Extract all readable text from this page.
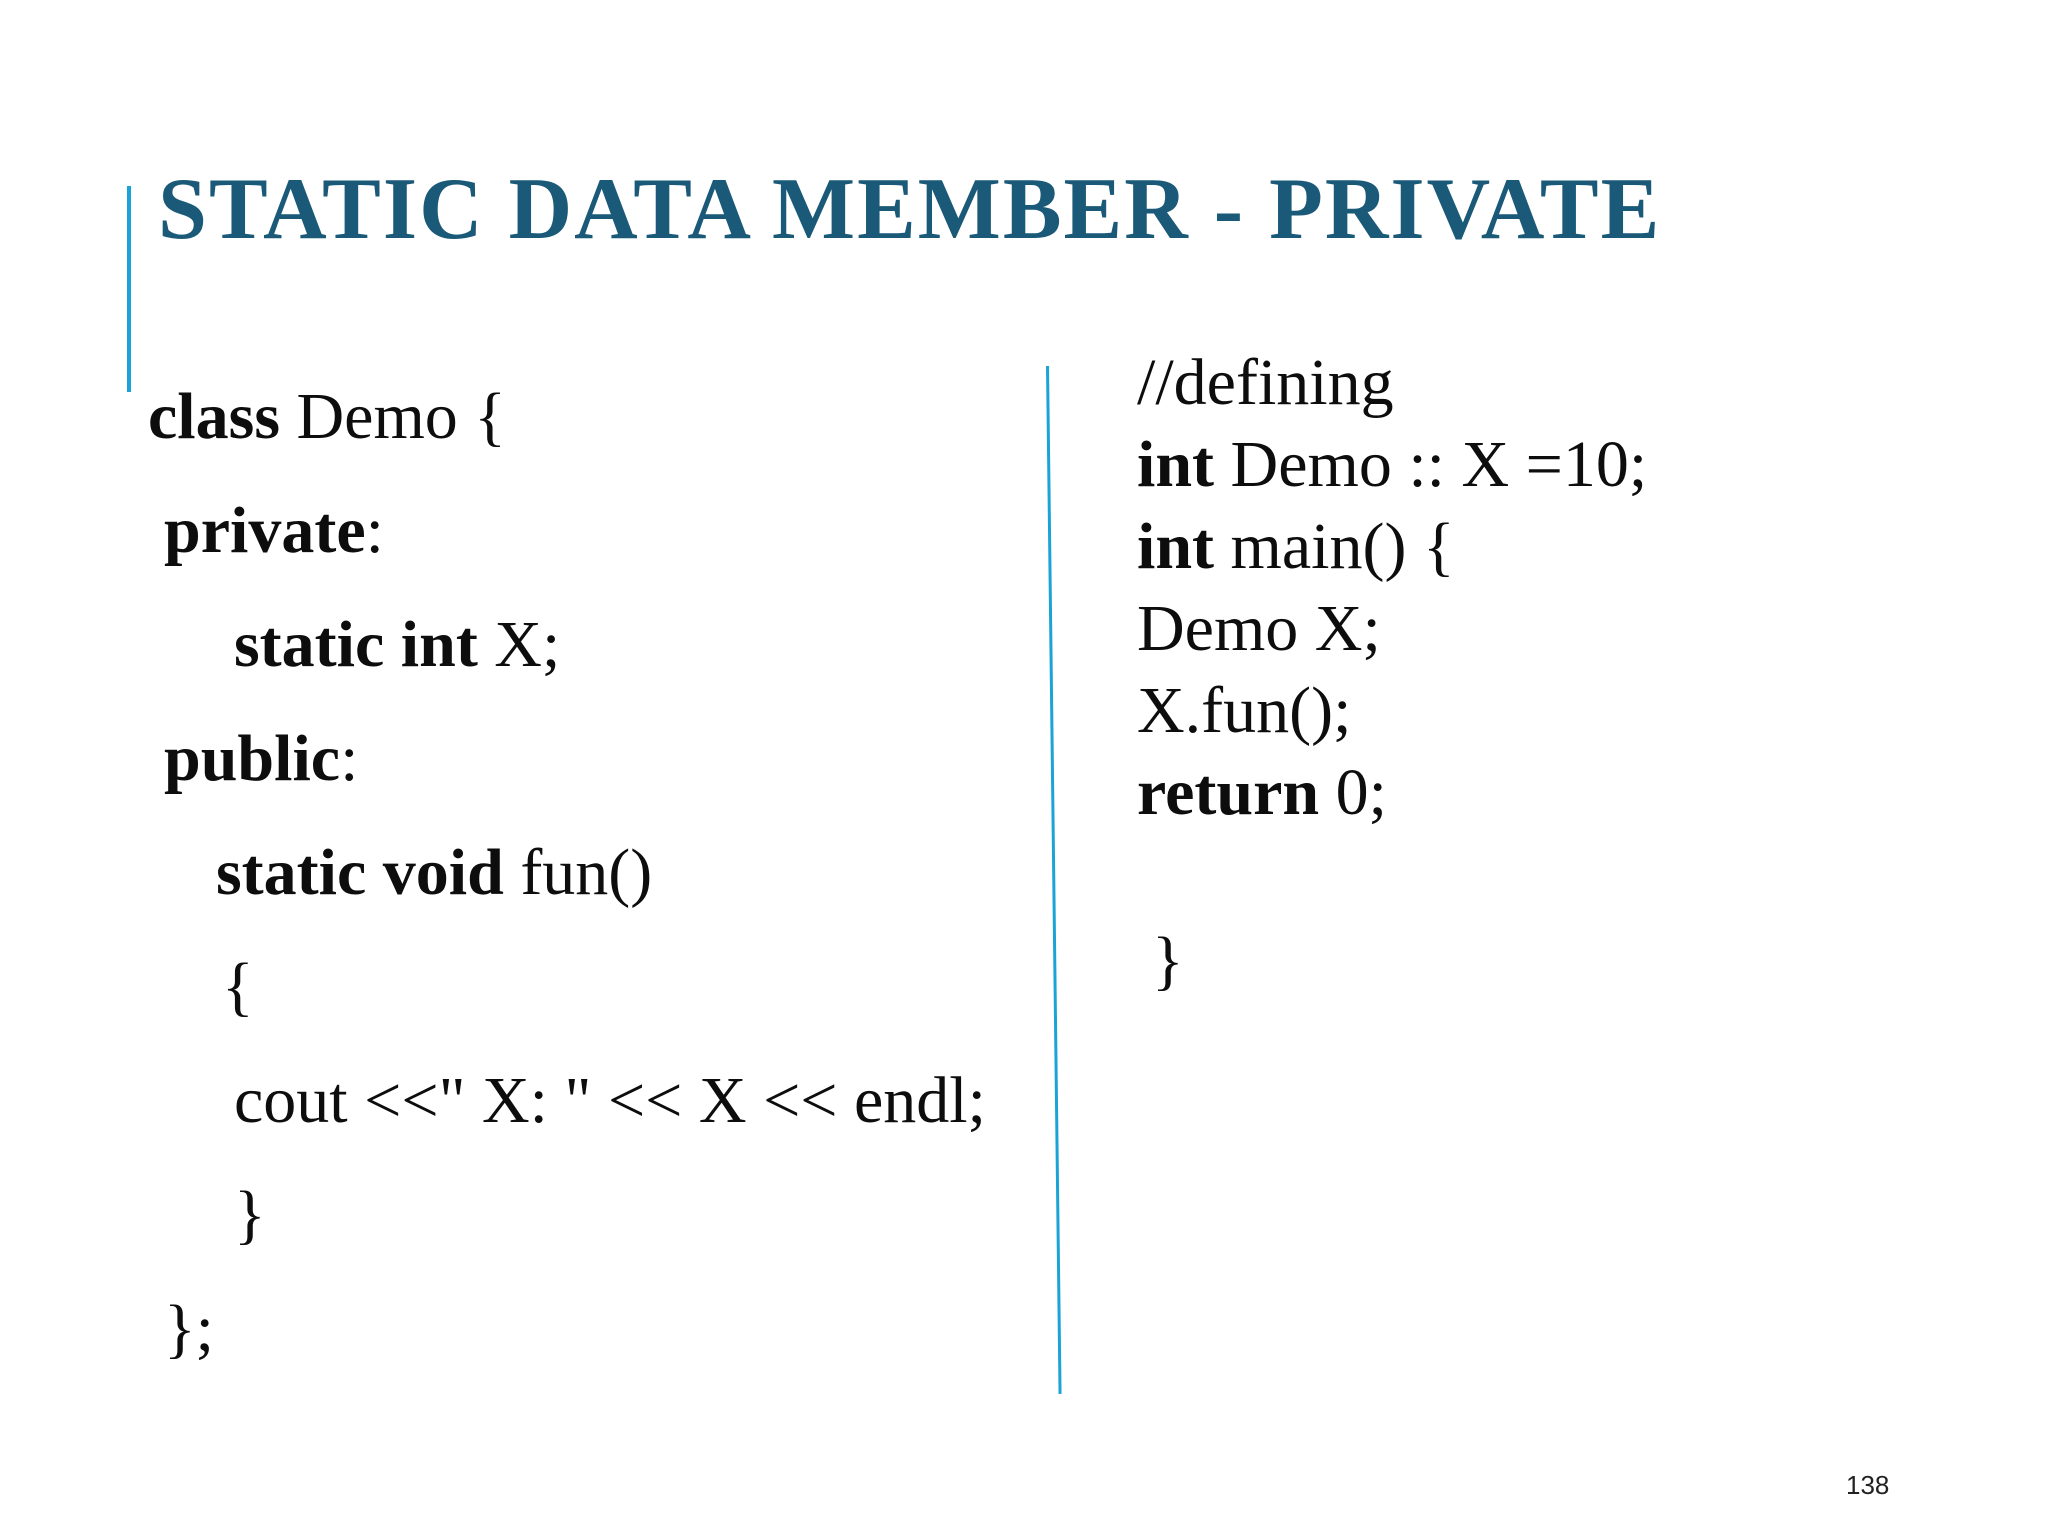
STATIC DATA MEMBER - PRIVATE

class Demo {

private:

static int X;

public:

static void fun()

{

cout <<" X: " << X << endl;

}

};

//defining

int Demo :: X =10;

int main() {

Demo X;

X.fun();

return 0;

}

138
